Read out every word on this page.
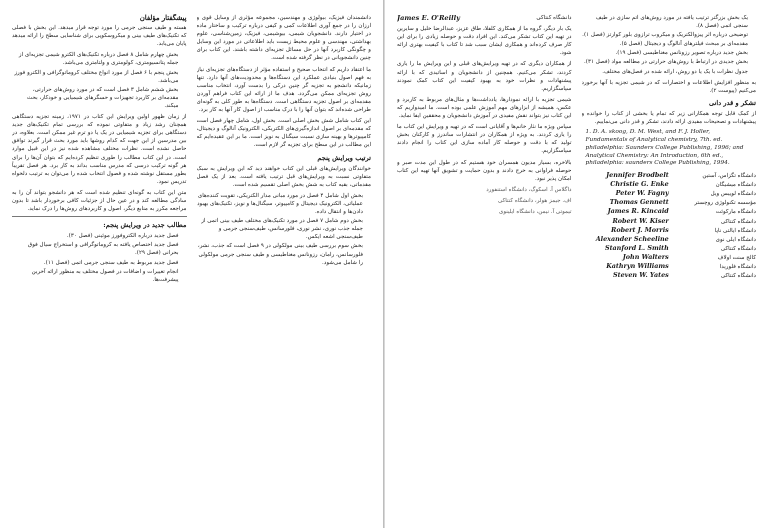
پیشگفتار مؤلفان

هسته و طیف سنجی جرمی را مورد توجه قرار میدهد. این بخش با فصلی که تکنیک‌های طیف بینی و میکروسکوپی برای شناسایی سطح را ارائه میدهد پایان می‌یابد.

• بخش چهارم شامل ۸ فصل درباره تکنیک‌های الکترو شیمی تجزیه‌ای از جمله پتانسیومتری، کولومتری و ولتامتری می‌باشد.
• بخش پنجم با ۶ فصل از مورد انواع مختلف کروماتوگرافی و الکترو فورز می‌باشد.
• بخش ششم شامل ۳ فصل است که در مورد روش‌های حرارتی، مقدمه‌ای بر کاربرد تجهیزات و حسگرهای شیمیایی و خودکار، بحث میکند.

از زمان ظهور اولین ویرایش این کتاب در ۱۹۷۱، زمینه تجزیه دستگاهی همچنان رشد زیاد و متفاوتی نموده که بررسی تمام تکنیک‌های جدید دستگاهی برای تجزیه شیمیایی در یک یا دو ترم غیر ممکن است. بعلاوه، در بین مدرسین از این جهت که کدام روشها باید مورد بحث قرار گیرند توافق حاصل نشده است. نظرات مختلف مشاهده شده نیز در این قبیل موارد است. در این کتاب مطالب را طوری تنظیم کرده‌ایم که بتوان آن‌ها را برای هر گونه ترکیب درسی که مدرس مناسب بداند به کار برد. هر فصل تقریباً بطور مستقل نوشته شده و فصول انتخاب شده را می‌توان به ترتیب دلخواه تدریس نمود.

متن این کتاب به گونه‌ای تنظیم شده است که هر دانشجو بتواند آن را به سادگی مطالعه کند و در عین حال از جزئیات کافی برخوردار باشد تا بدون مراجعه مکرر به منابع دیگر، اصول و کاربردهای روش‌ها را درک نماید.

مطالب جدید در ویرایش پنجم:
• فصل جدید درباره الکتروفورز موئینی (فصل ۳۰).
• فصل جدید اختصاص یافته به کروماتوگرافی و استخراج سیال فوق بحرانی (فصل ۲۹).
• فصل جدید مربوط به طیف سنجی جرمی اتمی (فصل ۱۱).
• انجام تغییرات و اضافات در فصول مختلف به منظور ارائه آخرین پیشرفت‌ها.

دانشمندان فیزیک، بیولوژی و مهندسین، مجموعه مؤثری از وسایل قوی و ارزان را در جمع آوری اطلاعات کمی و کیفی درباره ترکیب و ساختار ماده در اختیار دارند. دانشجویان شیمی، بیوشیمی، فیزیک، زمین‌شناسی، علوم بهداشتی، مهندسی و علوم محیط زیست باید اطلاعاتی در مورد این وسایل و چگونگی کاربرد آنها در حل مسائل تجزیه‌ای داشته باشند. این کتاب برای چنین دانشجویانی در نظر گرفته شده است.

ما اعتقاد داریم که انتخاب صحیح و استفاده مؤثر از دستگاه‌های تجزیه‌ای نیاز به فهم اصول بنیادی عملکرد این دستگاه‌ها و محدودیت‌های آنها دارد. تنها زمانیکه دانشجو به تجزیه گر چنین درکی را بدست آورد، انتخاب مناسب روش تجزیه‌ای ممکن می‌گردد. هدف ما از ارائه این کتاب فراهم آوردن مقدمه‌ای بر اصول تجزیه دستگاهی است. دستگاه‌ها به طور کلی به گونه‌ای طراحی شده‌اند که بتوان آنها را با درک مناسب از اصول کار آنها به کار برد.

این کتاب شامل شش بخش اصلی است. بخش اول، شامل چهار فصل است که مقدمه‌ای بر اصول اندازه‌گیری‌های الکتریکی، الکترونیک آنالوگ و دیجیتال، کامپیوترها و بهینه سازی نسبت سیگنال به نویز است. ما بر این عقیده‌ایم که این مطالب در این سطح برای تجزیه گر لازم است.

ترتیب ویرایش پنجم

خوانندگان ویرایش‌های قبلی این کتاب خواهند دید که این ویرایش به سبک متفاوتی نسبت به ویرایش‌های قبل ترتیب یافته است. بعد از یک فصل مقدماتی، بقیه کتاب به شش بخش اصلی تقسیم شده است.

• بخش اول شامل ۴ فصل در مورد مبانی مدار الکتریکی، تقویت کننده‌های عملیاتی، الکترونیک دیجیتال و کامپیوتر، سیگنال‌ها و نویز، تکنیک‌های بهبود دادن‌ها و انتقال داده.
• بخش دوم شامل ۷ فصل در مورد تکنیک‌های مختلف طیف بینی اتمی از جمله جذب نوری، نشر نوری، فلورسانس، طیف‌سنجی جرمی و طیف‌سنجی اشعه ایکس.
• بخش سوم بررسی طیف بینی مولکولی در ۹ فصل است که جذب، نشر، فلورسانس، رامان، رزونانس مغناطیسی و طیف سنجی جرمی مولکولی را شامل می‌شود.
دانشگاه کنتاکی
James E. O'Reilly

یک بار دیگر، گروه ما از همکاری کلفلا، طاق عزیز، عبدالرضا خلیل و سایرین در تهیه این کتاب تشکر می‌کند. این افراد دقت و حوصله زیادی را برای این کار صرف کرده‌اند و همکاری ایشان سبب شد تا کتاب با کیفیت بهتری ارائه شود.

از همکاران دیگری که در تهیه ویرایش‌های قبلی و این ویرایش ما را یاری کردند، تشکر می‌کنیم. همچنین از دانشجویان و اساتیدی که با ارائه پیشنهادات و نظرات خود به بهبود کیفیت این کتاب کمک نمودند سپاسگزاریم.

شیمی تجزیه با ارائه نمودارها، یادداشت‌ها و مثال‌های مربوط به کاربرد و عکس، همیشه از ابزارهای مهم آموزش علمی بوده است. ما امیدواریم که این کتاب نیز بتواند نقش مفیدی در آموزش دانشجویان و محققین ایفا نماید.

سپاس ویژه ما نثار خانم‌ها و آقایانی است که در تهیه و ویرایش این کتاب ما را یاری کردند. به ویژه از همکاران در انتشارات ساندرز و کارکنان بخش تولید که با دقت و حوصله کار آماده سازی این کتاب را انجام دادند سپاسگزاریم.

بالاخره، بسیار مدیون همسران خود هستیم که در طول این مدت صبر و حوصله فراوانی به خرج دادند و بدون حمایت و تشویق آنها تهیه این کتاب امکان پذیر نبود.

داگلاس آ. اسکوگ، دانشگاه استنفورد

اف. جیمز هولر، دانشگاه کنتاکی

تیموتی آ. نیمن، دانشگاه ایلینوی

• یک بخش بزرگتر ترتیب یافته در مورد روش‌های اتم سازی در طیف سنجی اتمی (فصل ۸).
• توضیحی درباره اثر پیزوالکتریک و میکروب ترازوی بلور کوارتز (فصل ۱).
• مقدمه‌ای بر مبحث فیلترهای آنالوگ و دیجیتال (فصل ۵).
• بخش جدید درباره تصویر رزونانس مغناطیسی (فصل ۱۹).
• بخش جدیدی در ارتباط با روش‌های حرارتی در مطالعه مواد (فصل ۳۱).
• جدول نظرات با یک یا دو روش، ارائه شده در فصل‌های مختلف.

به منظور افزایش اطلاعات و اختصارات که در شیمی تجزیه با آنها برخورد می‌کنیم (پیوست ۲).

تشکر و قدر دانی

از کمک قابل توجه همکارانی زیر که تمام یا بخشی از کتاب را خوانده و پیشنهادات و تصحیحات مفیدی ارائه دادند، تشکر و قدر دانی می‌نماییم.

1. D. A. skoog, D. M. West, and F. J. Holler, Fundamentals of Analytical chemistry, 7th. ed. philadelphia: Saunders College Publishing, 1996; and Analytical Chemistry: An Introduction, 6th ed., philadelphia: saunders College Publishing, 1994.
دانشگاه تگزاس، آستین
Jennifer Brodbelt
دانشگاه میشیگان
Christie G. Enke
دانشگاه لوییس ویل
Peter W. Fagny
مؤسسه تکنولوژی روچستر
Thomas Gennett
دانشگاه مارکوئت
James R. Kincaid
دانشگاه کنتاکی
Robert W. Kiser
دانشگاه ایالتی ناپا
Robert J. Morris
دانشگاه ایلی نوی
Alexander Scheeline
دانشگاه کنتاکی
Stanford L. Smith
کالج سنت اولاف
John Walters
دانشگاه فلوریدا
Kathryn Williams
دانشگاه کنتاکی
Steven W. Yates
